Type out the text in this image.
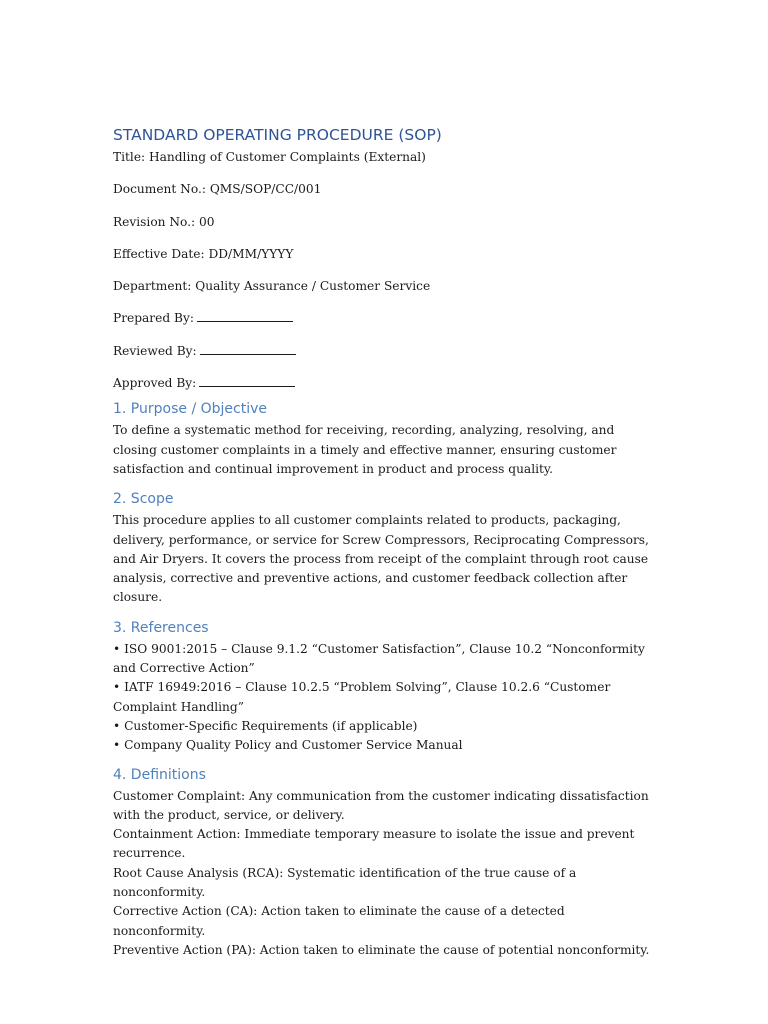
STANDARD OPERATING PROCEDURE (SOP)

Title: Handling of Customer Complaints (External)

Document No.: QMS/SOP/CC/001

Revision No.: 00

Effective Date: DD/MM/YYYY

Department: Quality Assurance / Customer Service

Prepared By:

Reviewed By:

Approved By:

1. Purpose / Objective

To define a systematic method for receiving, recording, analyzing, resolving, and closing customer complaints in a timely and effective manner, ensuring customer satisfaction and continual improvement in product and process quality.

2. Scope

This procedure applies to all customer complaints related to products, packaging, delivery, performance, or service for Screw Compressors, Reciprocating Compressors, and Air Dryers. It covers the process from receipt of the complaint through root cause analysis, corrective and preventive actions, and customer feedback collection after closure.

3. References
• ISO 9001:2015 – Clause 9.1.2 “Customer Satisfaction”, Clause 10.2 “Nonconformity and Corrective Action”
• IATF 16949:2016 – Clause 10.2.5 “Problem Solving”, Clause 10.2.6 “Customer Complaint Handling”
• Customer-Specific Requirements (if applicable)
• Company Quality Policy and Customer Service Manual
4. Definitions

Customer Complaint: Any communication from the customer indicating dissatisfaction with the product, service, or delivery.

Containment Action: Immediate temporary measure to isolate the issue and prevent recurrence.

Root Cause Analysis (RCA): Systematic identification of the true cause of a nonconformity.

Corrective Action (CA): Action taken to eliminate the cause of a detected nonconformity.

Preventive Action (PA): Action taken to eliminate the cause of potential nonconformity.
